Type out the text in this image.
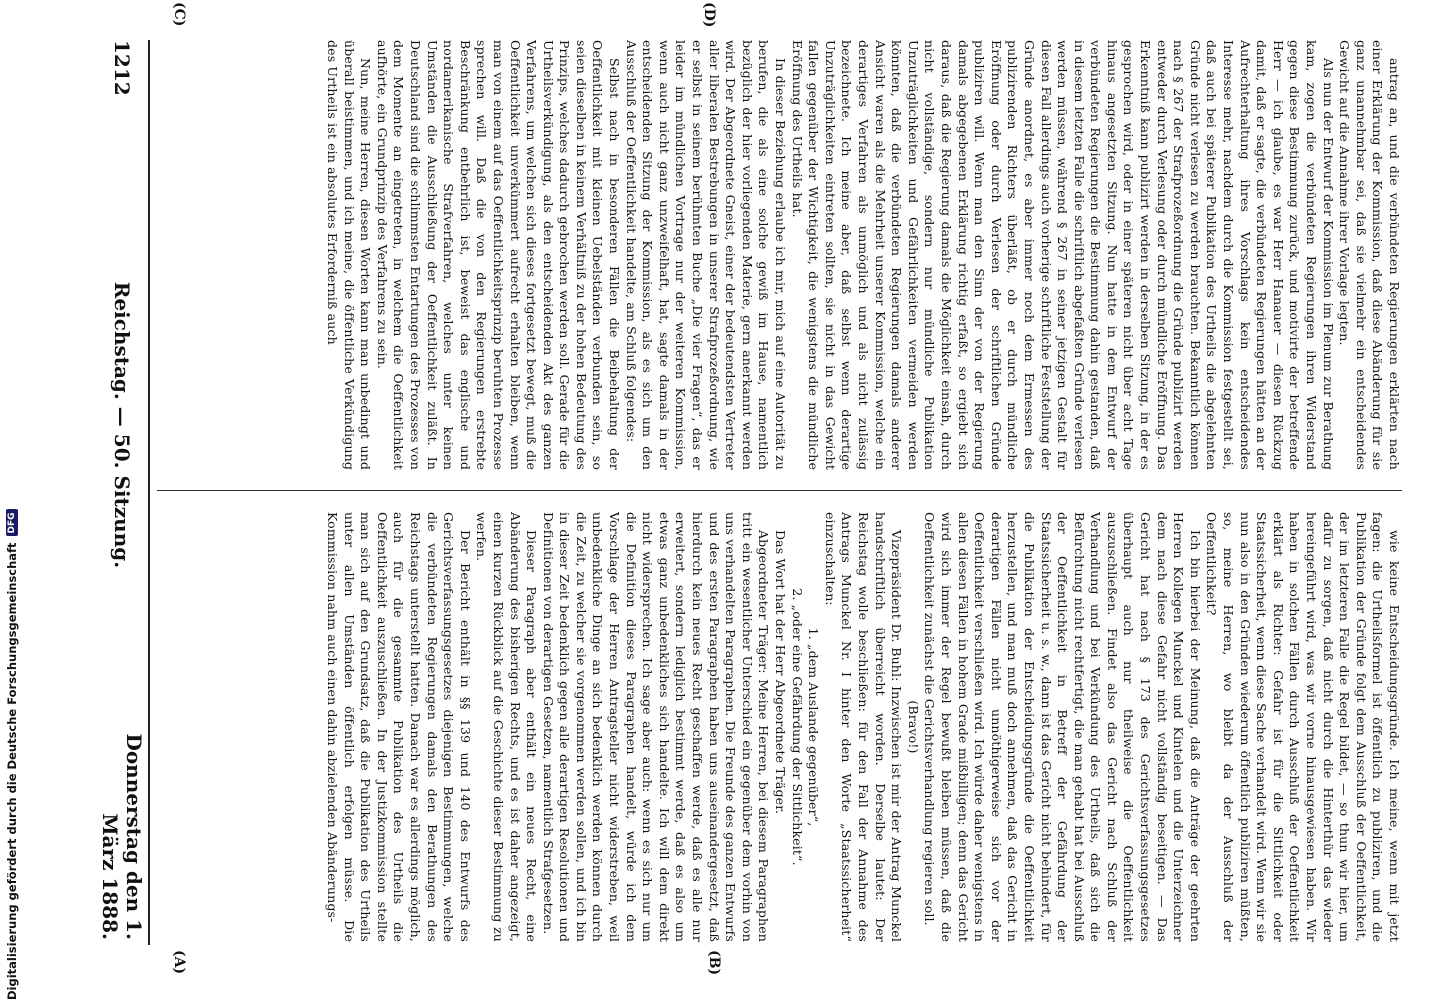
wie keine Entscheidungsgründe. Ich meine, wenn mit jetzt fagen: die Urtheilsformel ist öffentlich zu publiziren, und die Publikation der Gründe folgt dem Ausschluß der Oeffentlichkeit, der im letzteren Falle die Regel bildet, — so thun wir hier, um dafür zu sorgen, daß nicht durch die Hinterthür das wieder hereingeführt wird, was wir vorne hinausgewiesen haben. Wir haben in solchen Fällen durch Ausschluß der Oeffentlichkeit erklärt als Richter: Gefahr ist für die Sittlichkeit oder Staatssicherheit, wenn diese Sache verhandelt wird. Wenn wir sie nun also in den Gründen wiederum öffentlich publiziren müßten, so, meine Herren, wo bleibt da der Ausschluß der Oeffentlichkeit?

Ich bin hierbei der Meinung, daß die Anträge der geehrten Herren Kollegen Munckel und Kintelen und die Unterzeichner dem nach diese Gefahr nicht vollständig beseitigen. — Das Gericht hat nach § 173 des Gerichtsverfassungsgesetzes überhaupt auch nur theilweise die Oeffentlichkeit auszuschließen. Findet also das Gericht nach Schluß der Verhandlung und bei Verkündung des Urtheils, daß sich die Befürchtung nicht rechtfertigt, die man gehabt hat bei Ausschluß der Oeffentlichkeit in Betreff der Gefährdung der Staatssicherheit u. s. w., dann ist das Gericht nicht behindert, für die Publikation der Entscheidungsgründe die Oeffentlichkeit herzustellen, und man muß doch annehmen, daß das Gericht in derartigen Fällen nicht unnöthigerweise sich vor der Oeffentlichkeit verschließen wird. Ich würde daher wenigstens in allen diesen Fällen in hohem Grade mißbilligen; denn das Gericht wird sich immer der Regel bewußt bleiben müssen, daß die Oeffentlichkeit zunächst die Gerichtsverhandlung regieren soll.

(Bravo!)

Vizepräsident Dr. Buhl: Inzwischen ist mir der Antrag Munckel handschriftlich überreicht worden. Derselbe lautet: Der Reichstag wolle beschließen: für den Fall der Annahme des Antrags Munckel Nr. I hinter den Worte „Staatssicherheit“ einzuschalten:

1. „dem Auslande gegenüber“,

2. „oder eine Gefährdung der Sittlichkeit“.

Das Wort hat der Herr Abgeordnete Träger.

Abgeordneter Träger: Meine Herren, bei diesem Paragraphen tritt ein wesentlicher Unterschied ein gegenüber dem vorhin von uns verhandelten Paragraphen. Die Freunde des ganzen Entwurfs und des ersten Paragraphen haben uns auseinandergesetzt, daß hierdurch kein neues Recht geschaffen werde, daß es alle nur erweitert, sondern lediglich bestimmt werde, daß es also um etwas ganz unbedenkliches sich handelte. Ich will dem direkt nicht widersprechen. Ich sage aber auch: wenn es sich nur um die Definition dieses Paragraphen handelt, würde ich dem Vorschlage der Herren Antragsteller nicht widerstreben, weil unbedenkliche Dinge an sich bedenklich werden können durch die Zeit, zu welcher sie vorgenommen werden sollen, und ich bin in dieser Zeit bedenklich gegen alle derartigen Resolutionen und Definitionen von derartigen Gesetzen, namentlich Strafgesetzen.

Dieser Paragraph aber enthält ein neues Recht, eine Abänderung des bisherigen Rechts, und es ist daher angezeigt, einen kurzen Rückblick auf die Geschichte dieser Bestimmung zu werfen.

Der Bericht enthält in §§ 139 und 140 des Entwurfs des Gerichtsverfassungsgesetzes diejenigen Bestimmungen, welche die verbündeten Regierungen damals den Berathungen des Reichstags unterstellt hatten. Danach war es allerdings möglich, auch für die gesammte Publikation des Urtheils die Oeffentlichkeit auszuschließen. In der Justizkommission stellte man sich auf den Grundsatz, daß die Publikation des Urtheils unter allen Umständen öffentlich erfolgen müsse. Die Kommission nahm auch einen dahin abzielenden Abänderungs-

antrag an, und die verbündeten Regierungen erklärten nach einer Erklärung der Kommission, daß diese Abänderung für sie ganz unannehmbar sei, daß sie vielmehr ein entscheidendes Gewicht auf die Annahme ihrer Vorlage legten.

Als nun der Entwurf der Kommission im Plenum zur Berathung kam, zogen die verbündeten Regierungen ihren Widerstand gegen diese Bestimmung zurück, und motivirte der betreffende Herr — ich glaube, es war Herr Hanauer — diesen Rückzug damit, daß er sagte, die verbündeten Regierungen hätten an der Aufrechterhaltung ihres Vorschlags kein entscheidendes Interesse mehr, nachdem durch die Kommission festgestellt sei, daß auch bei späterer Publikation des Urtheils die abgelehnten Gründe nicht verlesen zu werden brauchten. Bekanntlich können nach § 267 der Strafprozeßordnung die Gründe publizirt werden entweder durch Verlesung oder durch mündliche Eröffnung. Das Erkenntniß kann publizirt werden in derselben Sitzung, in der es gesprochen wird, oder in einer späteren nicht über acht Tage hinaus angesetzten Sitzung. Nun hatte in dem Entwurf der verbündeten Regierungen die Bestimmung dahin gestanden, daß in diesem letzten Falle die schriftlich abgefaßten Gründe verlesen werden müssen, während § 267 in seiner jetzigen Gestalt für diesen Fall allerdings auch vorherige schriftliche Feststellung der Gründe anordnet, es aber immer noch dem Ermessen des publizirenden Richters überläßt, ob er durch mündliche Eröffnung oder durch Verlesen der schriftlichen Gründe publiziren will. Wenn man den Sinn der von der Regierung damals abgegebenen Erklärung richtig erfaßt, so ergiebt sich daraus, daß die Regierung damals die Möglichkeit einsah, durch nicht vollständige, sondern nur mündliche Publikation Unzuträglichkeiten und Gefährlichkeiten vermeiden werden könnten, daß die verbündeten Regierungen damals anderer Ansicht waren als die Mehrheit unserer Kommission, welche ein derartiges Verfahren als unmöglich und als nicht zulässig bezeichnete. Ich meine aber, daß selbst wenn derartige Unzuträglichkeiten eintreten sollten, sie nicht in das Gewicht fallen gegenüber der Wichtigkeit, die wenigstens die mündliche Eröffnung des Urtheils hat.

In dieser Beziehung erlaube ich mir, mich auf eine Autorität zu berufen, die als eine solche gewiß im Hause, namentlich bezüglich der hier vorliegenden Materie, gern anerkannt werden wird. Der Abgeordnete Gneist, einer der bedeutendsten Vertreter aller liberalen Bestrebungen in unserer Strafprozeßordnung, wie er selbst in seinem berühmten Buche „Die vier Fragen“, das er leider im mündlichen Vortrage nur der weiteren Kommission, wenn auch nicht ganz unzweifelhaft, hat, sagte damals in der entscheidenden Sitzung der Kommission, als es sich um den Ausschluß der Oeffentlichkeit handelte, am Schluß folgendes:

Selbst nach in besonderen Fällen die Beibehaltung der Oeffentlichkeit mit kleinen Uebelständen verbunden sein, so seien dieselben in keinem Verhältniß zu der hohen Bedeutung des Prinzips, welches dadurch gebrochen werden soll. Gerade für die Urtheilsverkündigung, als den entscheidenden Akt des ganzen Verfahrens, um welchen sich dieses fortgesetzt bewegt, muß die Oeffentlichkeit unverkümmert aufrecht erhalten bleiben, wenn man von einem auf das Oeffentlichkeitsprinzip beruhten Prozesse sprechen will. Daß die von den Regierungen erstrebte Beschränkung entbehrlich ist, beweist das englische und nordamerikanische Strafverfahren, welches unter keinen Umständen die Ausschließung der Oeffentlichkeit zuläßt. In Deutschland sind die schlimmsten Entartungen des Prozesses von dem Momente an eingetreten, in welchem die Oeffentlichkeit aufhörte, ein Grundprinzip des Verfahrens zu sein.

Nun, meine Herren, diesen Worten kann man unbedingt und überall beistimmen, und ich meine, die öffentliche Verkündigung des Urtheils ist ein absolutes Erforderniß auch

1212
Reichstag. — 50. Sitzung.
Donnerstag den 1. März 1888.
(A)	(B)
(C)	(D)
Digitalisierung gefördert durch die Deutsche Forschungsgemeinschaft
DFG
